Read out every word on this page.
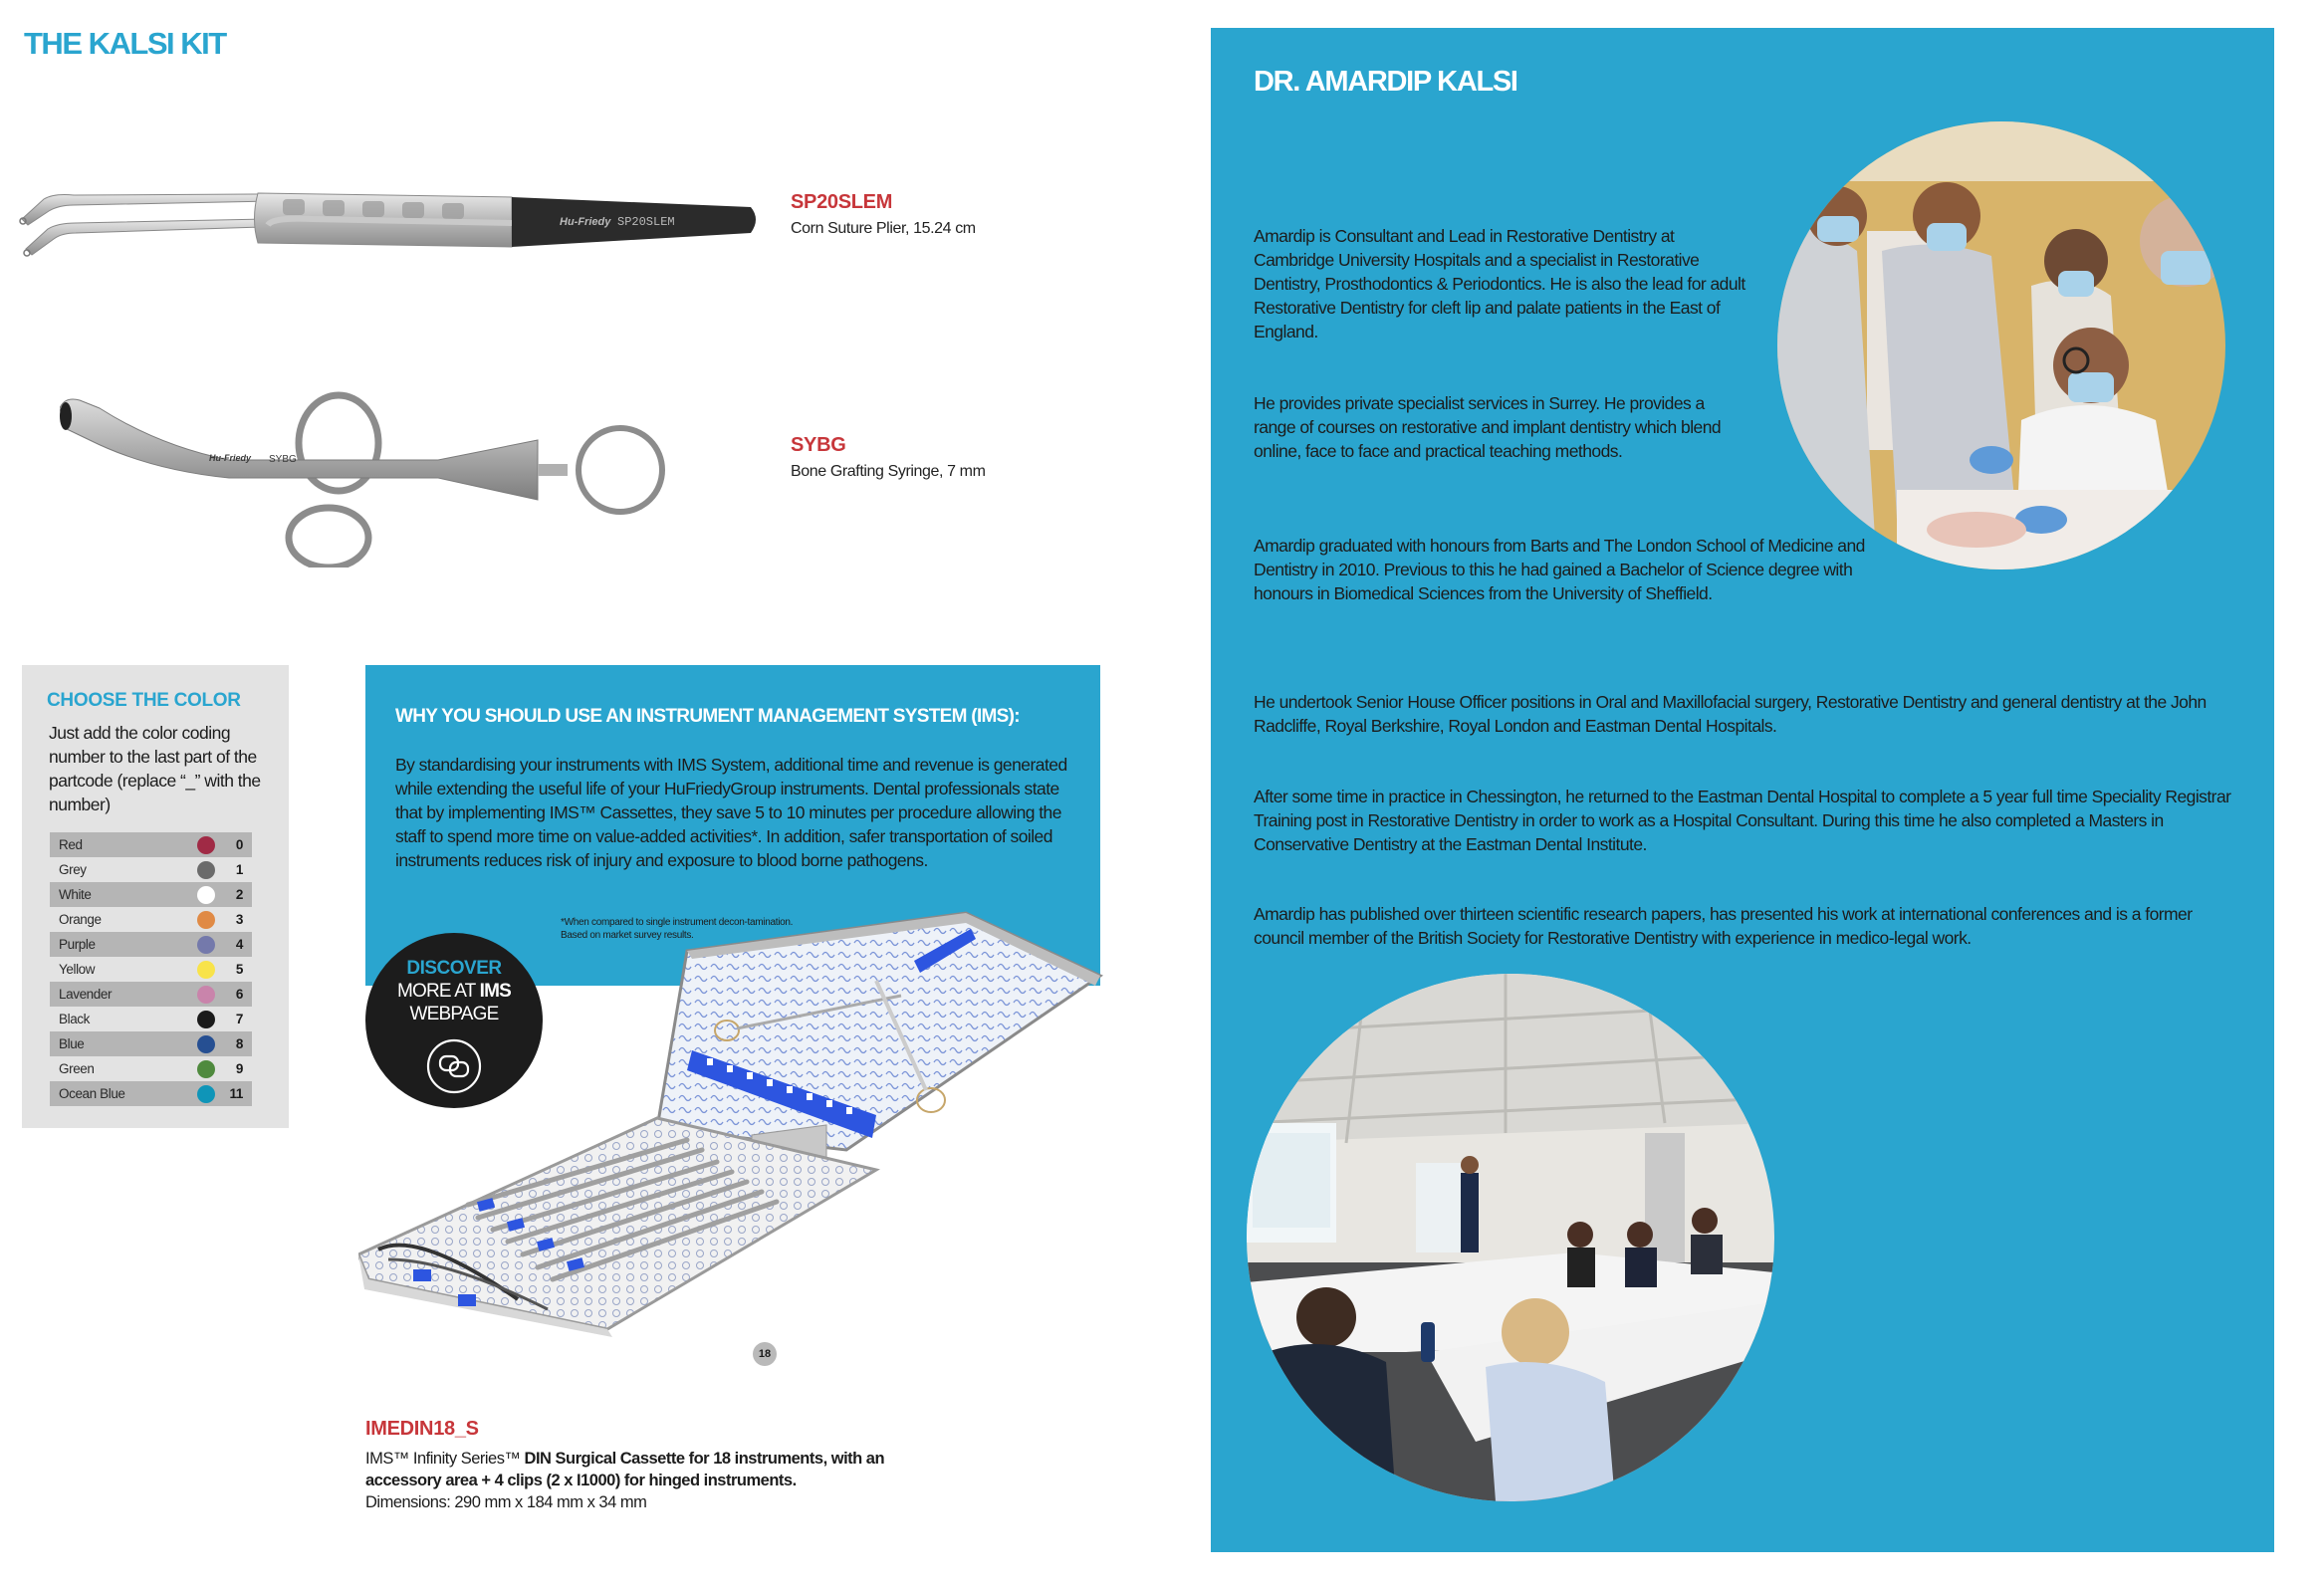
THE KALSI KIT
Hu-Friedy SP20SLEM
SP20SLEM
Corn Suture Plier, 15.24 cm
Hu-Friedy SYBG
SYBG
Bone Grafting Syringe, 7 mm
CHOOSE THE COLOR

Just add the color coding number to the last part of the partcode (replace “_” with the number)

Red	0
Grey	1
White	2
Orange	3
Purple	4
Yellow	5
Lavender	6
Black	7
Blue	8
Green	9
Ocean Blue	11
WHY YOU SHOULD USE AN INSTRUMENT MANAGEMENT SYSTEM (IMS):

By standardising your instruments with IMS System, additional time and revenue is generated while extending the useful life of your HuFriedyGroup instruments. Dental professionals state that by implementing IMS™ Cassettes, they save 5 to 10 minutes per procedure allowing the staff to spend more time on value-added activities*. In addition, safer transportation of soiled instruments reduces risk of injury and exposure to blood borne pathogens.

*When compared to single instrument decon-tamination. Based on market survey results.

18
DISCOVER
MORE AT IMS
WEBPAGE
IMEDIN18_S
IMS™ Infinity Series™ DIN Surgical Cassette for 18 instruments, with an accessory area + 4 clips (2 x I1000) for hinged instruments.
Dimensions: 290 mm x 184 mm x 34 mm
DR. AMARDIP KALSI

Amardip is Consultant and Lead in Restorative Dentistry at Cambridge University Hospitals and a specialist in Restorative Dentistry, Prosthodontics & Periodontics. He is also the lead for adult Restorative Dentistry for cleft lip and palate patients in the East of England.

He provides private specialist services in Surrey. He provides a range of courses on restorative and implant dentistry which blend online, face to face and practical teaching methods.

Amardip graduated with honours from Barts and The London School of Medicine and Dentistry in 2010. Previous to this he had gained a Bachelor of Science degree with honours in Biomedical Sciences from the University of Sheffield.

He undertook Senior House Officer positions in Oral and Maxillofacial surgery, Restorative Dentistry and general dentistry at the John Radcliffe, Royal Berkshire, Royal London and Eastman Dental Hospitals.

After some time in practice in Chessington, he returned to the Eastman Dental Hospital to complete a 5 year full time Speciality Registrar Training post in Restorative Dentistry in order to work as a Hospital Consultant. During this time he also completed a Masters in Conservative Dentistry at the Eastman Dental Institute.

Amardip has published over thirteen scientific research papers, has presented his work at international conferences and is a former council member of the British Society for Restorative Dentistry with experience in medico-legal work.
